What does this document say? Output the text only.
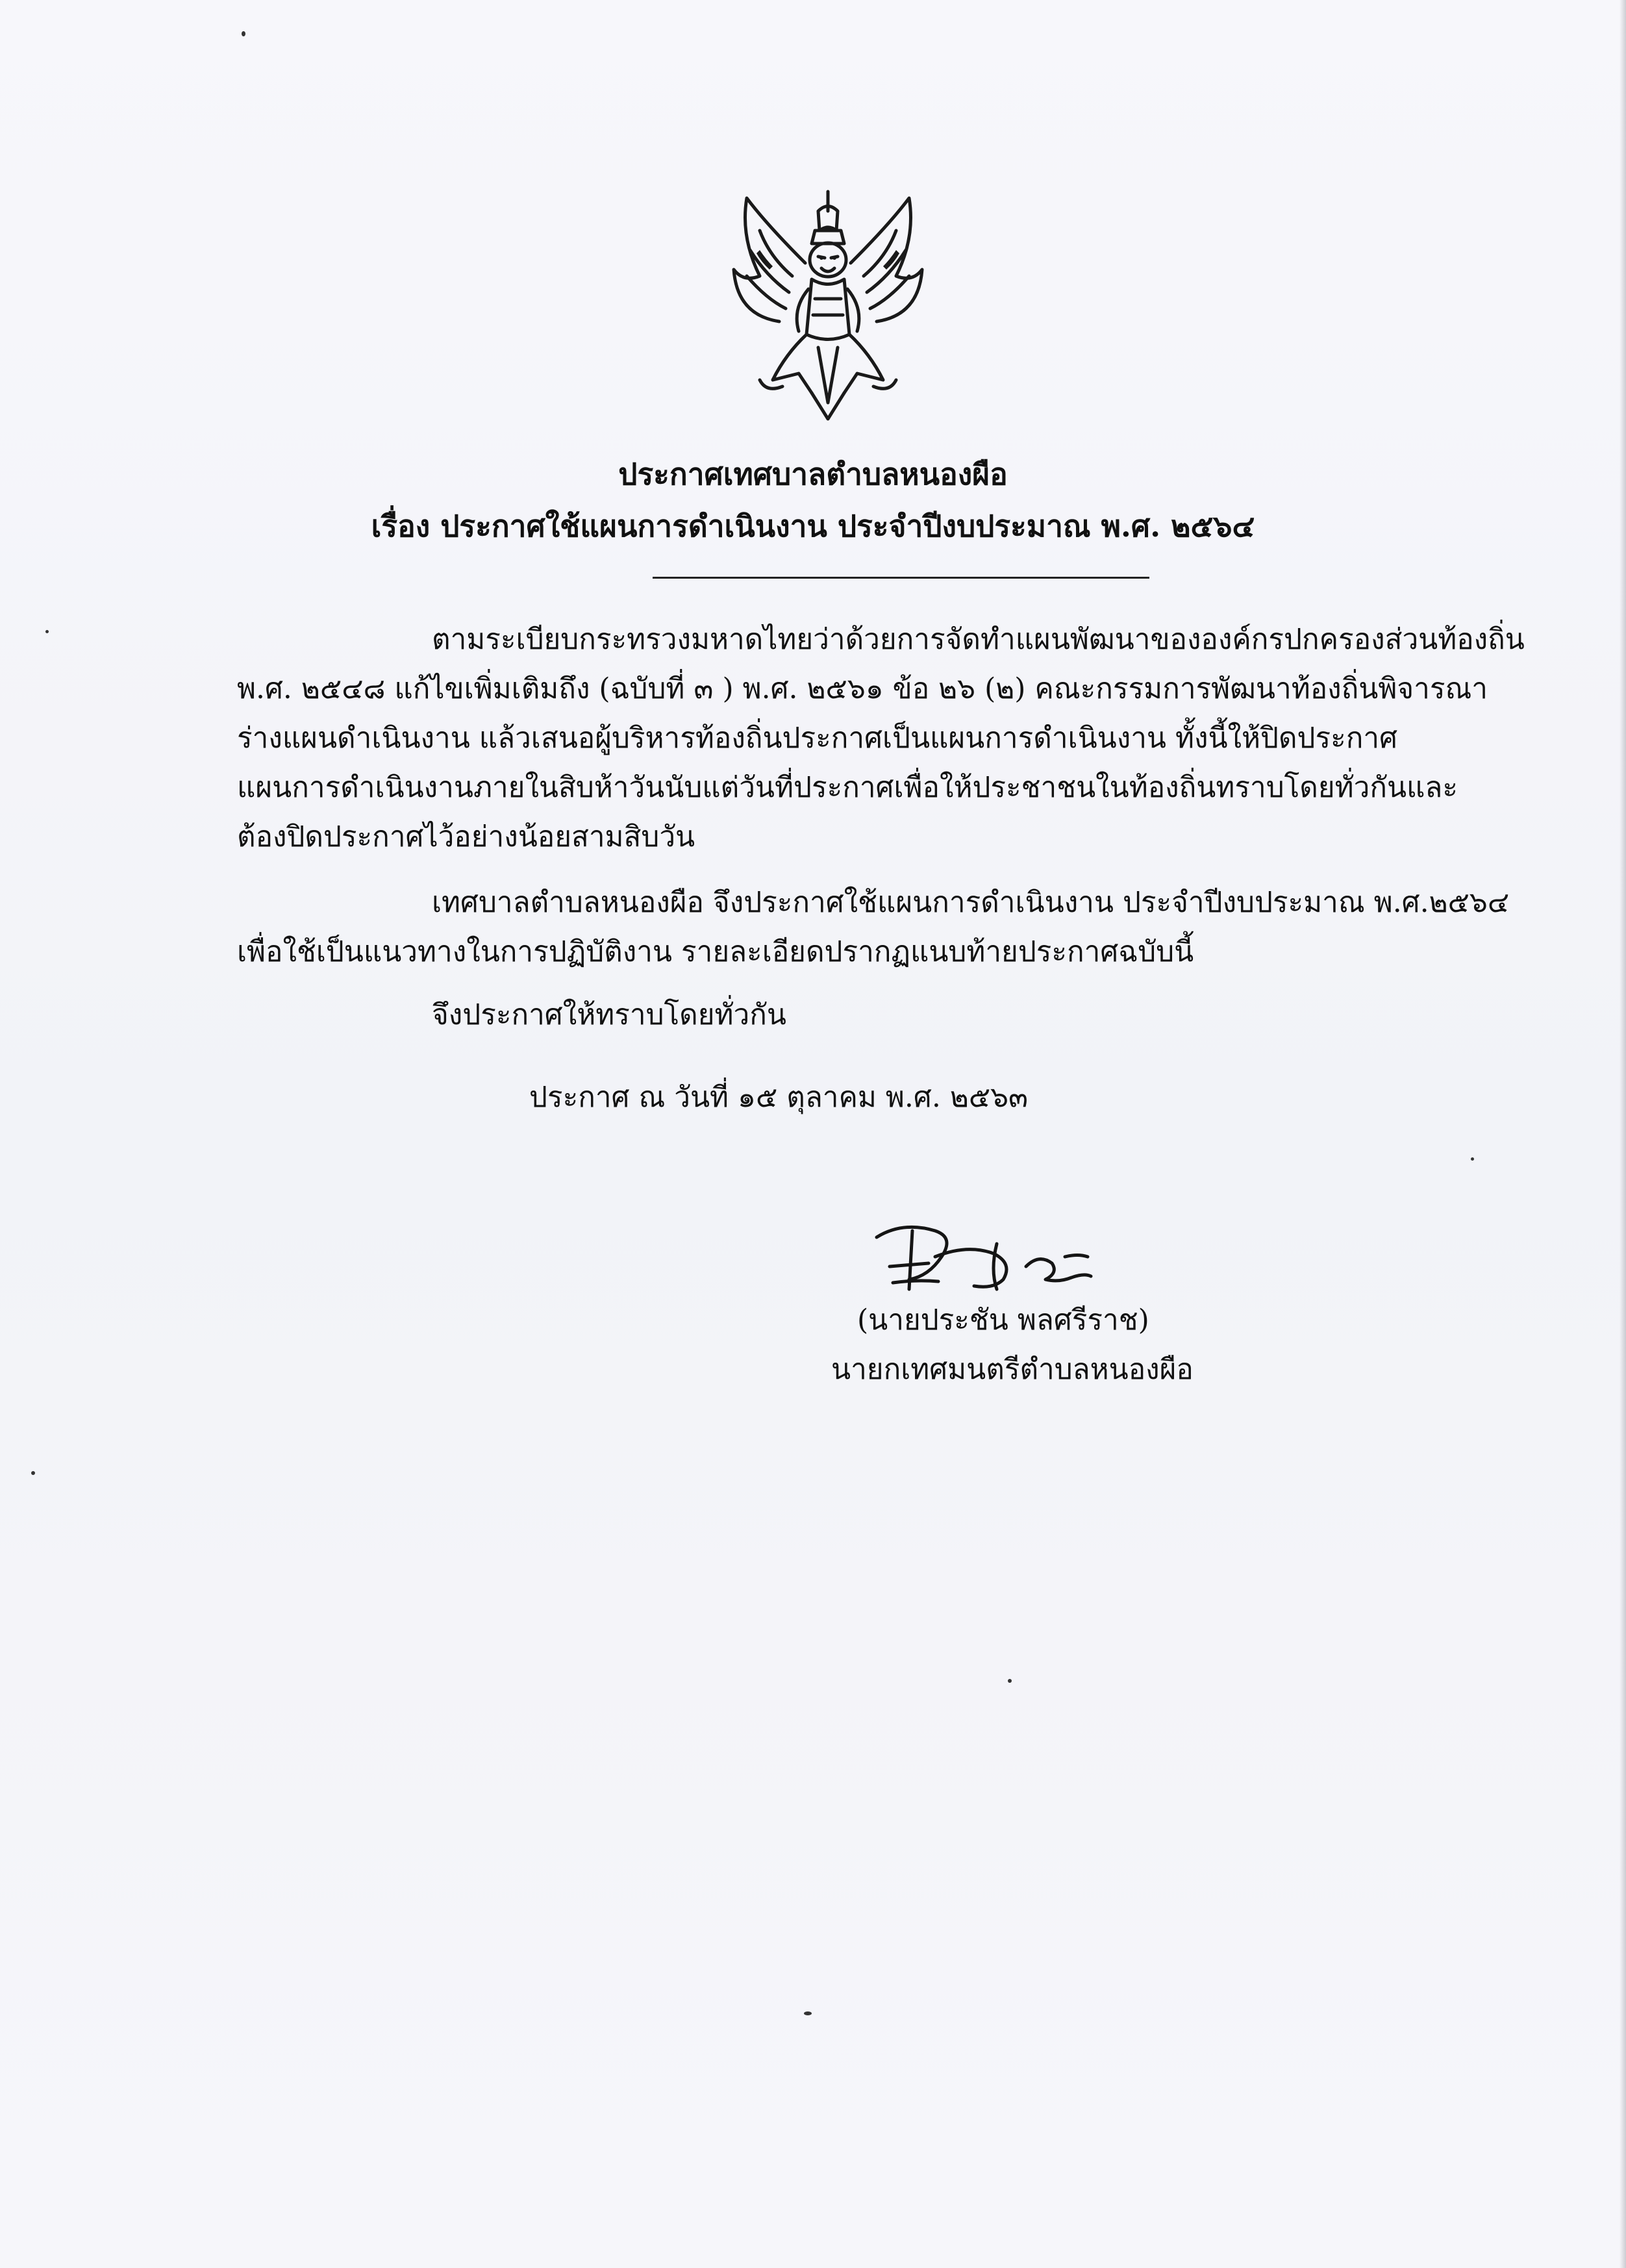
ประกาศเทศบาลตำบลหนองผือ
เรื่อง ประกาศใช้แผนการดำเนินงาน ประจำปีงบประมาณ พ.ศ. ๒๕๖๔
ตามระเบียบกระทรวงมหาดไทยว่าด้วยการจัดทำแผนพัฒนาขององค์กรปกครองส่วนท้องถิ่น
พ.ศ. ๒๕๔๘ แก้ไขเพิ่มเติมถึง (ฉบับที่ ๓ ) พ.ศ. ๒๕๖๑ ข้อ ๒๖ (๒) คณะกรรมการพัฒนาท้องถิ่นพิจารณา
ร่างแผนดำเนินงาน แล้วเสนอผู้บริหารท้องถิ่นประกาศเป็นแผนการดำเนินงาน ทั้งนี้ให้ปิดประกาศ
แผนการดำเนินงานภายในสิบห้าวันนับแต่วันที่ประกาศเพื่อให้ประชาชนในท้องถิ่นทราบโดยทั่วกันและ
ต้องปิดประกาศไว้อย่างน้อยสามสิบวัน
เทศบาลตำบลหนองผือ จึงประกาศใช้แผนการดำเนินงาน ประจำปีงบประมาณ พ.ศ.๒๕๖๔
เพื่อใช้เป็นแนวทางในการปฏิบัติงาน รายละเอียดปรากฏแนบท้ายประกาศฉบับนี้
จึงประกาศให้ทราบโดยทั่วกัน
ประกาศ ณ วันที่ ๑๕ ตุลาคม พ.ศ. ๒๕๖๓
(นายประชัน พลศรีราช)
นายกเทศมนตรีตำบลหนองผือ
